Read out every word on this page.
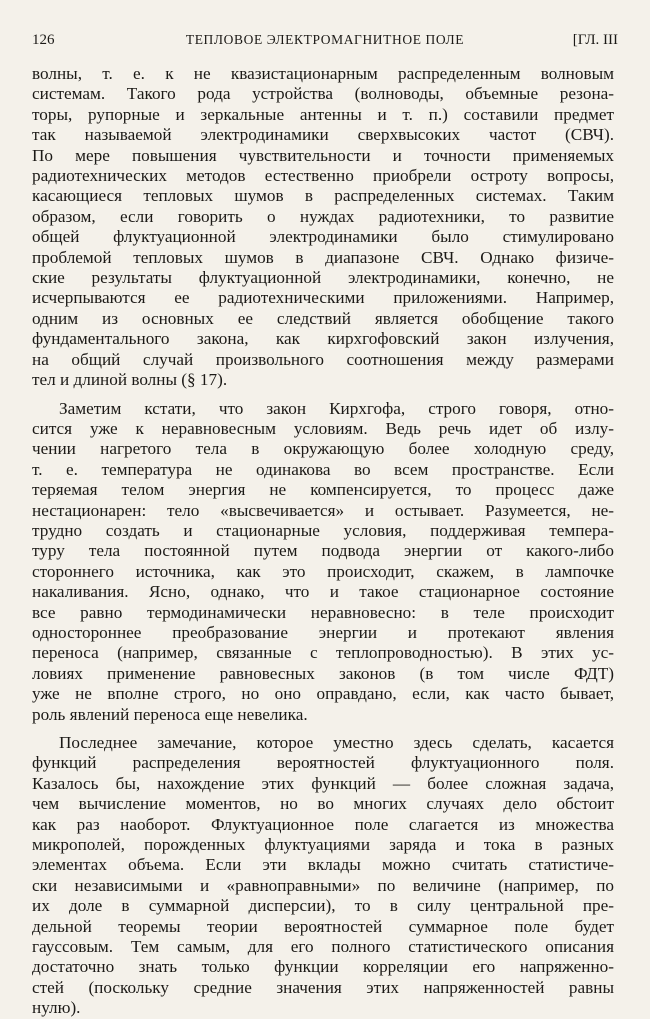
126	ТЕПЛОВОЕ ЭЛЕКТРОМАГНИТНОЕ ПОЛЕ	[ГЛ. III
волны, т. е. к не квазистационарным распределенным волновым
системам. Такого рода устройства (волноводы, объемные резона-
торы, рупорные и зеркальные антенны и т. п.) составили предмет
так называемой электродинамики сверхвысоких частот (СВЧ).
По мере повышения чувствительности и точности применяемых
радиотехнических методов естественно приобрели остроту вопросы,
касающиеся тепловых шумов в распределенных системах. Таким
образом, если говорить о нуждах радиотехники, то развитие
общей флуктуационной электродинамики было стимулировано
проблемой тепловых шумов в диапазоне СВЧ. Однако физиче-
ские результаты флуктуационной электродинамики, конечно, не
исчерпываются ее радиотехническими приложениями. Например,
одним из основных ее следствий является обобщение такого
фундаментального закона, как кирхгофовский закон излучения,
на общий случай произвольного соотношения между размерами
тел и длиной волны (§ 17).
Заметим кстати, что закон Кирхгофа, строго говоря, отно-
сится уже к неравновесным условиям. Ведь речь идет об излу-
чении нагретого тела в окружающую более холодную среду,
т. е. температура не одинакова во всем пространстве. Если
теряемая телом энергия не компенсируется, то процесс даже
нестационарен: тело «высвечивается» и остывает. Разумеется, не-
трудно создать и стационарные условия, поддерживая темпера-
туру тела постоянной путем подвода энергии от какого-либо
стороннего источника, как это происходит, скажем, в лампочке
накаливания. Ясно, однако, что и такое стационарное состояние
все равно термодинамически неравновесно: в теле происходит
одностороннее преобразование энергии и протекают явления
переноса (например, связанные с теплопроводностью). В этих ус-
ловиях применение равновесных законов (в том числе ФДТ)
уже не вполне строго, но оно оправдано, если, как часто бывает,
роль явлений переноса еще невелика.
Последнее замечание, которое уместно здесь сделать, касается
функций распределения вероятностей флуктуационного поля.
Казалось бы, нахождение этих функций — более сложная задача,
чем вычисление моментов, но во многих случаях дело обстоит
как раз наоборот. Флуктуационное поле слагается из множества
микрополей, порожденных флуктуациями заряда и тока в разных
элементах объема. Если эти вклады можно считать статистиче-
ски независимыми и «равноправными» по величине (например, по
их доле в суммарной дисперсии), то в силу центральной пре-
дельной теоремы теории вероятностей суммарное поле будет
гауссовым. Тем самым, для его полного статистического описания
достаточно знать только функции корреляции его напряженно-
стей (поскольку средние значения этих напряженностей равны
нулю).
